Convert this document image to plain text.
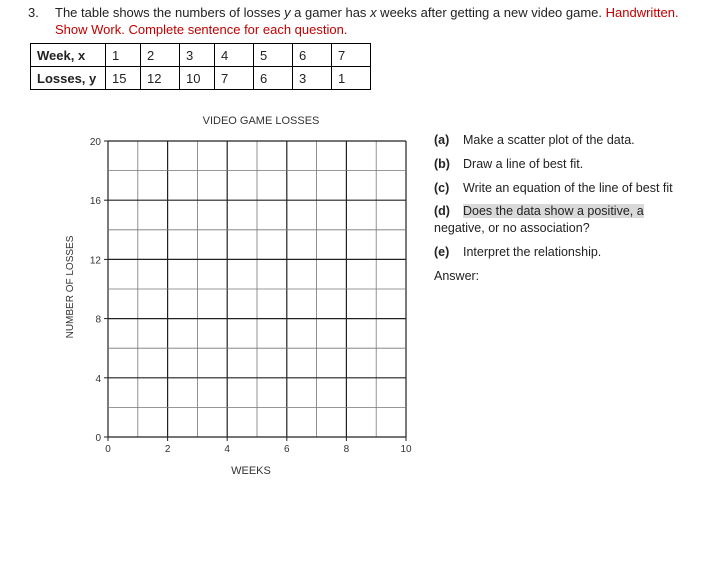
3.	The table shows the numbers of losses y a gamer has x weeks after getting a new video game. Handwritten.
Show Work. Complete sentence for each question.
Week, x	1	2	3	4	5	6	7
Losses, y	15	12	10	7	6	3	1
VIDEO GAME LOSSES
WEEKS
NUMBER OF LOSSES
0	2	4	6	8	10
0
4
8
12
16
20	(a) Make a scatter plot of the data.
(b) Draw a line of best fit.
(c) Write an equation of the line of best fit
(d) Does the data show a positive, a
negative, or no association?
(e) Interpret the relationship.
Answer:
